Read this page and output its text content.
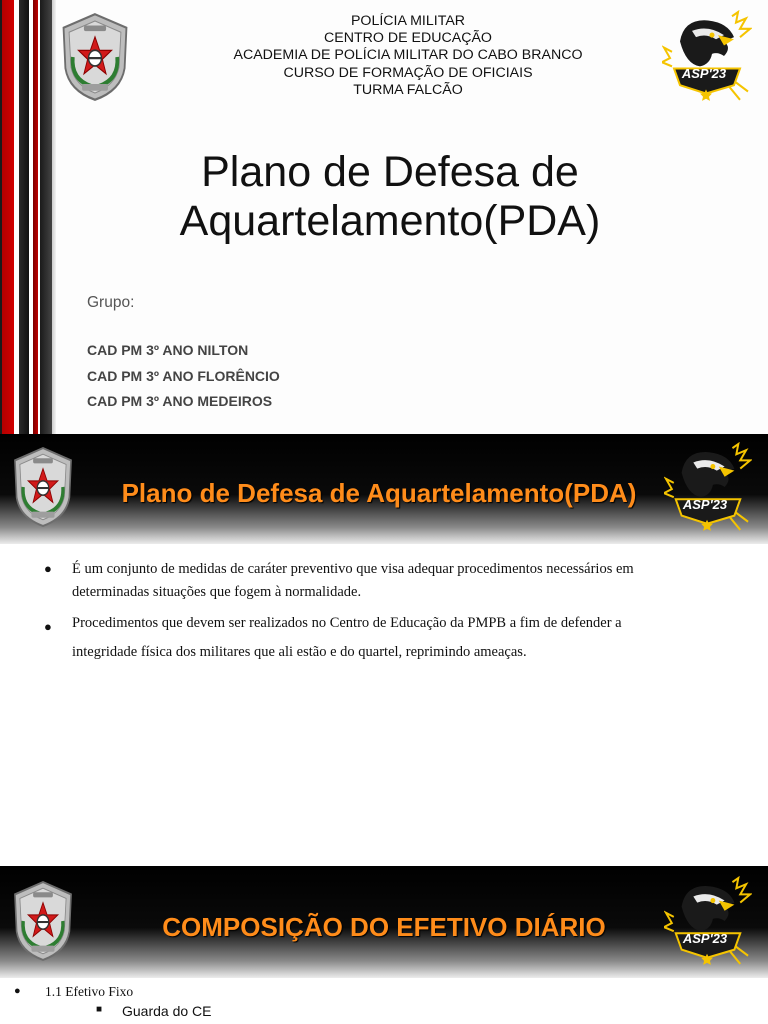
ASP'23
POLÍCIA MILITAR
CENTRO DE EDUCAÇÃO
ACADEMIA DE POLÍCIA MILITAR DO CABO BRANCO
CURSO DE FORMAÇÃO DE OFICIAIS
TURMA FALCÃO
Plano de Defesa de
Aquartelamento(PDA)
Grupo:
CAD PM 3º ANO NILTON
CAD PM 3º ANO FLORÊNCIO
CAD PM 3º ANO MEDEIROS
ASP'23
Plano de Defesa de Aquartelamento(PDA)
● É um conjunto de medidas de caráter preventivo que visa adequar procedimentos necessários em
determinadas situações que fogem à normalidade.
● Procedimentos que devem ser realizados no Centro de Educação da PMPB a fim de defender a
integridade física dos militares que ali estão e do quartel, reprimindo ameaças.
ASP'23
COMPOSIÇÃO DO EFETIVO DIÁRIO
● 1.1 Efetivo Fixo
■ Guarda do CE
